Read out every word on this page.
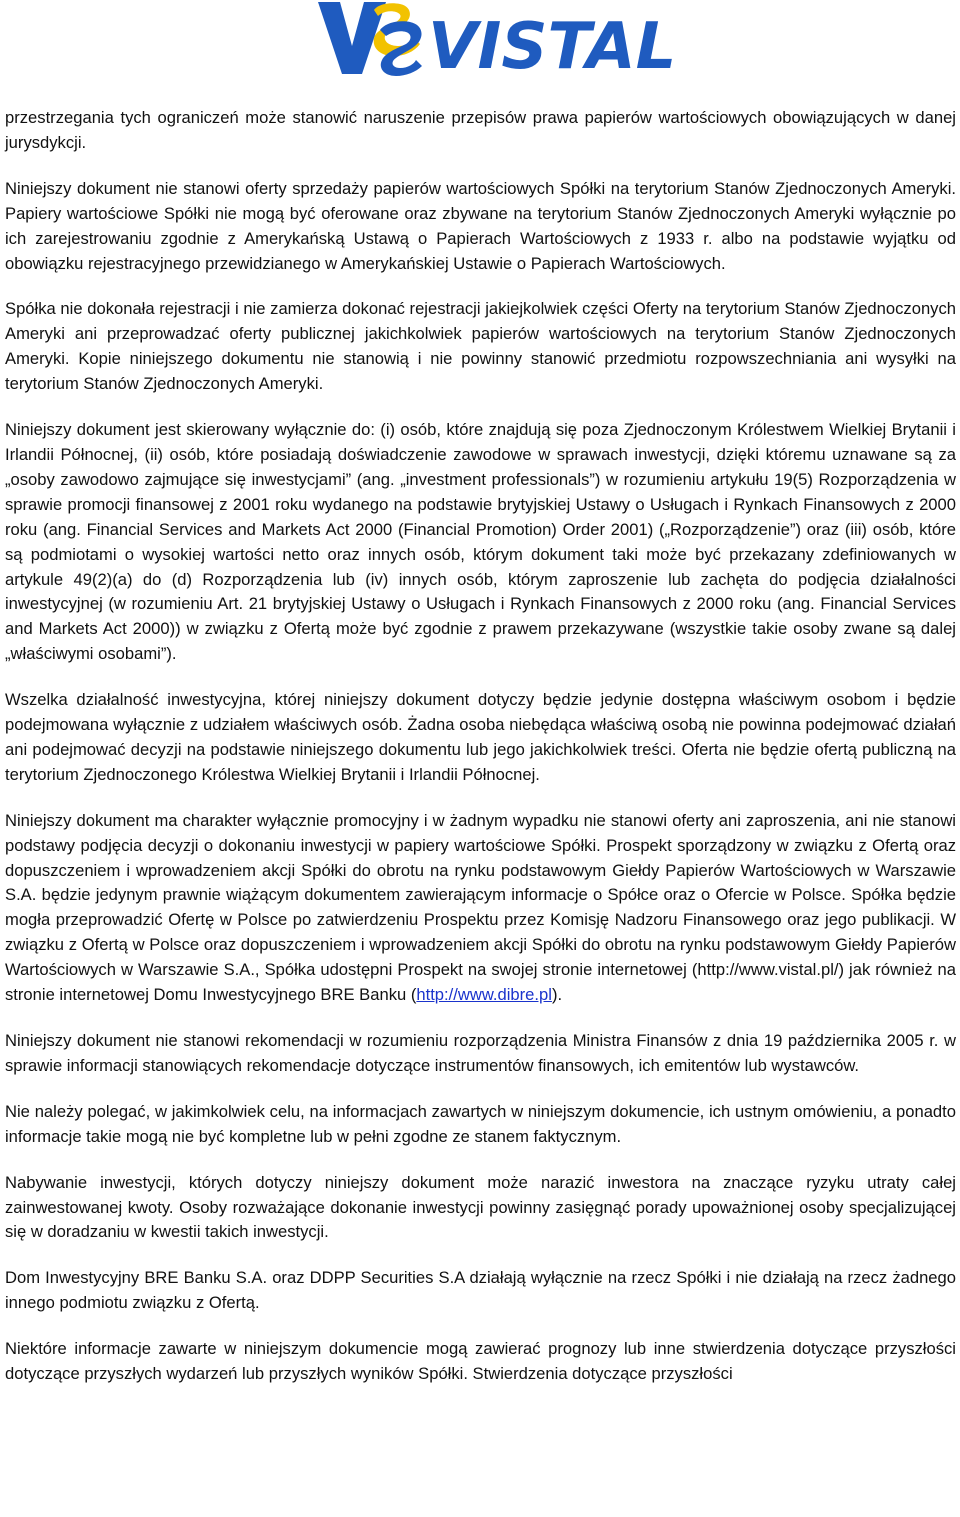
VISTAL

przestrzegania tych ograniczeń może stanowić naruszenie przepisów prawa papierów wartościowych obowiązujących w danej jurysdykcji.

Niniejszy dokument nie stanowi oferty sprzedaży papierów wartościowych Spółki na terytorium Stanów Zjednoczonych Ameryki. Papiery wartościowe Spółki nie mogą być oferowane oraz zbywane na terytorium Stanów Zjednoczonych Ameryki wyłącznie po ich zarejestrowaniu zgodnie z Amerykańską Ustawą o Papierach Wartościowych z 1933 r. albo na podstawie wyjątku od obowiązku rejestracyjnego przewidzianego w Amerykańskiej Ustawie o Papierach Wartościowych.

Spółka nie dokonała rejestracji i nie zamierza dokonać rejestracji jakiejkolwiek części Oferty na terytorium Stanów Zjednoczonych Ameryki ani przeprowadzać oferty publicznej jakichkolwiek papierów wartościowych na terytorium Stanów Zjednoczonych Ameryki. Kopie niniejszego dokumentu nie stanowią i nie powinny stanowić przedmiotu rozpowszechniania ani wysyłki na terytorium Stanów Zjednoczonych Ameryki.

Niniejszy dokument jest skierowany wyłącznie do: (i) osób, które znajdują się poza Zjednoczonym Królestwem Wielkiej Brytanii i Irlandii Północnej, (ii) osób, które posiadają doświadczenie zawodowe w sprawach inwestycji, dzięki któremu uznawane są za „osoby zawodowo zajmujące się inwestycjami” (ang. „investment professionals”) w rozumieniu artykułu 19(5) Rozporządzenia w sprawie promocji finansowej z 2001 roku wydanego na podstawie brytyjskiej Ustawy o Usługach i Rynkach Finansowych z 2000 roku (ang. Financial Services and Markets Act 2000 (Financial Promotion) Order 2001) („Rozporządzenie”) oraz (iii) osób, które są podmiotami o wysokiej wartości netto oraz innych osób, którym dokument taki może być przekazany zdefiniowanych w artykule 49(2)(a) do (d) Rozporządzenia lub (iv) innych osób, którym zaproszenie lub zachęta do podjęcia działalności inwestycyjnej (w rozumieniu Art. 21 brytyjskiej Ustawy o Usługach i Rynkach Finansowych z 2000 roku (ang. Financial Services and Markets Act 2000)) w związku z Ofertą może być zgodnie z prawem przekazywane (wszystkie takie osoby zwane są dalej „właściwymi osobami”).

Wszelka działalność inwestycyjna, której niniejszy dokument dotyczy będzie jedynie dostępna właściwym osobom i będzie podejmowana wyłącznie z udziałem właściwych osób. Żadna osoba niebędąca właściwą osobą nie powinna podejmować działań ani podejmować decyzji na podstawie niniejszego dokumentu lub jego jakichkolwiek treści. Oferta nie będzie ofertą publiczną na terytorium Zjednoczonego Królestwa Wielkiej Brytanii i Irlandii Północnej.

Niniejszy dokument ma charakter wyłącznie promocyjny i w żadnym wypadku nie stanowi oferty ani zaproszenia, ani nie stanowi podstawy podjęcia decyzji o dokonaniu inwestycji w papiery wartościowe Spółki. Prospekt sporządzony w związku z Ofertą oraz dopuszczeniem i wprowadzeniem akcji Spółki do obrotu na rynku podstawowym Giełdy Papierów Wartościowych w Warszawie S.A. będzie jedynym prawnie wiążącym dokumentem zawierającym informacje o Spółce oraz o Ofercie w Polsce. Spółka będzie mogła przeprowadzić Ofertę w Polsce po zatwierdzeniu Prospektu przez Komisję Nadzoru Finansowego oraz jego publikacji. W związku z Ofertą w Polsce oraz dopuszczeniem i wprowadzeniem akcji Spółki do obrotu na rynku podstawowym Giełdy Papierów Wartościowych w Warszawie S.A., Spółka udostępni Prospekt na swojej stronie internetowej (http://www.vistal.pl/) jak również na stronie internetowej Domu Inwestycyjnego BRE Banku (http://www.dibre.pl).

Niniejszy dokument nie stanowi rekomendacji w rozumieniu rozporządzenia Ministra Finansów z dnia 19 października 2005 r. w sprawie informacji stanowiących rekomendacje dotyczące instrumentów finansowych, ich emitentów lub wystawców.

Nie należy polegać, w jakimkolwiek celu, na informacjach zawartych w niniejszym dokumencie, ich ustnym omówieniu, a ponadto informacje takie mogą nie być kompletne lub w pełni zgodne ze stanem faktycznym.

Nabywanie inwestycji, których dotyczy niniejszy dokument może narazić inwestora na znaczące ryzyku utraty całej zainwestowanej kwoty. Osoby rozważające dokonanie inwestycji powinny zasięgnąć porady upoważnionej osoby specjalizującej się w doradzaniu w kwestii takich inwestycji.

Dom Inwestycyjny BRE Banku S.A. oraz DDPP Securities S.A działają wyłącznie na rzecz Spółki i nie działają na rzecz żadnego innego podmiotu związku z Ofertą.

Niektóre informacje zawarte w niniejszym dokumencie mogą zawierać prognozy lub inne stwierdzenia dotyczące przyszłości dotyczące przyszłych wydarzeń lub przyszłych wyników Spółki. Stwierdzenia dotyczące przyszłości
